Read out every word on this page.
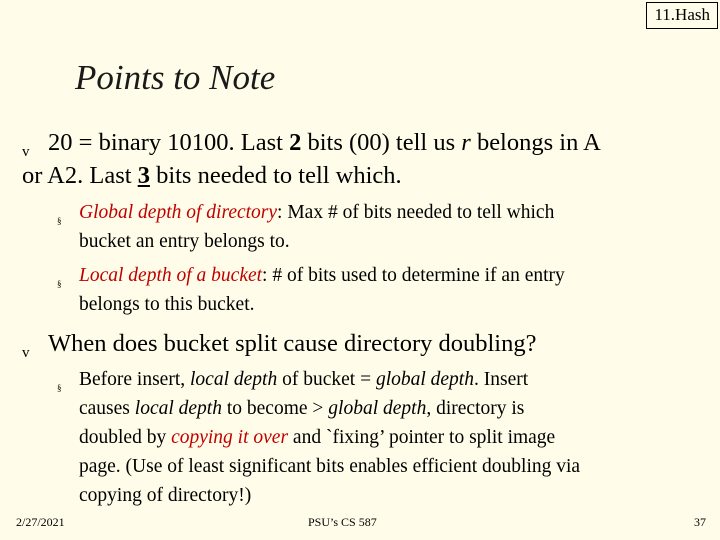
11.Hash
Points to Note
v 20 = binary 10100. Last 2 bits (00) tell us r belongs in A
or A2. Last 3 bits needed to tell which.
§ Global depth of directory: Max # of bits needed to tell which
bucket an entry belongs to.
§ Local depth of a bucket: # of bits used to determine if an entry
belongs to this bucket.
v When does bucket split cause directory doubling?
§ Before insert, local depth of bucket = global depth. Insert
causes local depth to become > global depth, directory is
doubled by copying it over and `fixing’ pointer to split image
page. (Use of least significant bits enables efficient doubling via
copying of directory!)
2/27/2021	PSU’s CS 587	37
